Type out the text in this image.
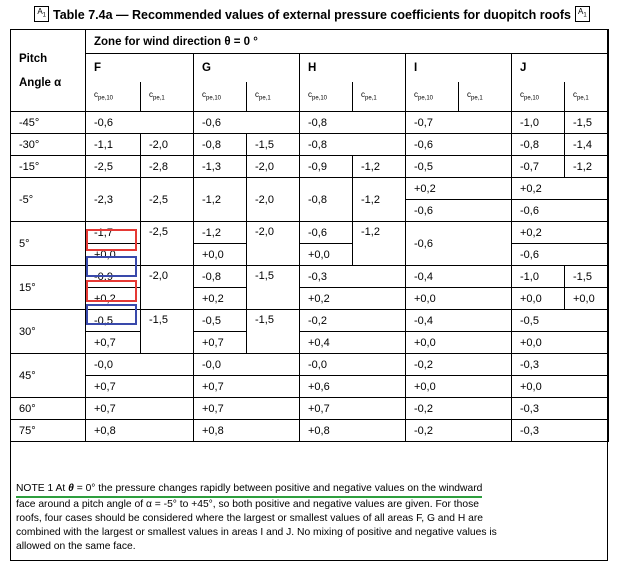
$A_1$ Table 7.4a — Recommended values of external pressure coefficients for duopitch roofs $A_1$
Pitch
Angle α	Zone for wind direction θ = 0 °									
	F		G		H		I		J	
	$c_{pe,10}$	$c_{pe,1}$	$c_{pe,10}$	$c_{pe,1}$	$c_{pe,10}$	$c_{pe,1}$	$c_{pe,10}$	$c_{pe,1}$	$c_{pe,10}$	$c_{pe,1}$
-45°	-0,6		-0,6		-0,8		-0,7		-1,0	-1,5
-30°	-1,1	-2,0	-0,8	-1,5	-0,8		-0,6		-0,8	-1,4
-15°	-2,5	-2,8	-1,3	-2,0	-0,9	-1,2	-0,5		-0,7	-1,2
-5°	-2,3	-2,5	-1,2	-2,0	-0,8	-1,2	+0,2		+0,2	
							-0,6		-0,6	
5°	-1,7	-2,5	-1,2	-2,0	-0,6	-1,2	-0,6		+0,2	
	+0,0		+0,0		+0,0				-0,6	
15°	-0,9	-2,0	-0,8	-1,5	-0,3		-0,4		-1,0	-1,5
	+0,2		+0,2		+0,2		+0,0		+0,0	+0,0
30°	-0,5	-1,5	-0,5	-1,5	-0,2		-0,4		-0,5	
	+0,7		+0,7		+0,4		+0,0		+0,0	
45°	-0,0		-0,0		-0,0		-0,2		-0,3	
	+0,7		+0,7		+0,6		+0,0		+0,0	
60°	+0,7		+0,7		+0,7		-0,2		-0,3	
75°	+0,8		+0,8		+0,8		-0,2		-0,3	
NOTE 1 At θ = 0° the pressure changes rapidly between positive and negative values on the windward
face around a pitch angle of α = -5° to +45°, so both positive and negative values are given. For those
roofs, four cases should be considered where the largest or smallest values of all areas F, G and H are
combined with the largest or smallest values in areas I and J. No mixing of positive and negative values is
allowed on the same face.
